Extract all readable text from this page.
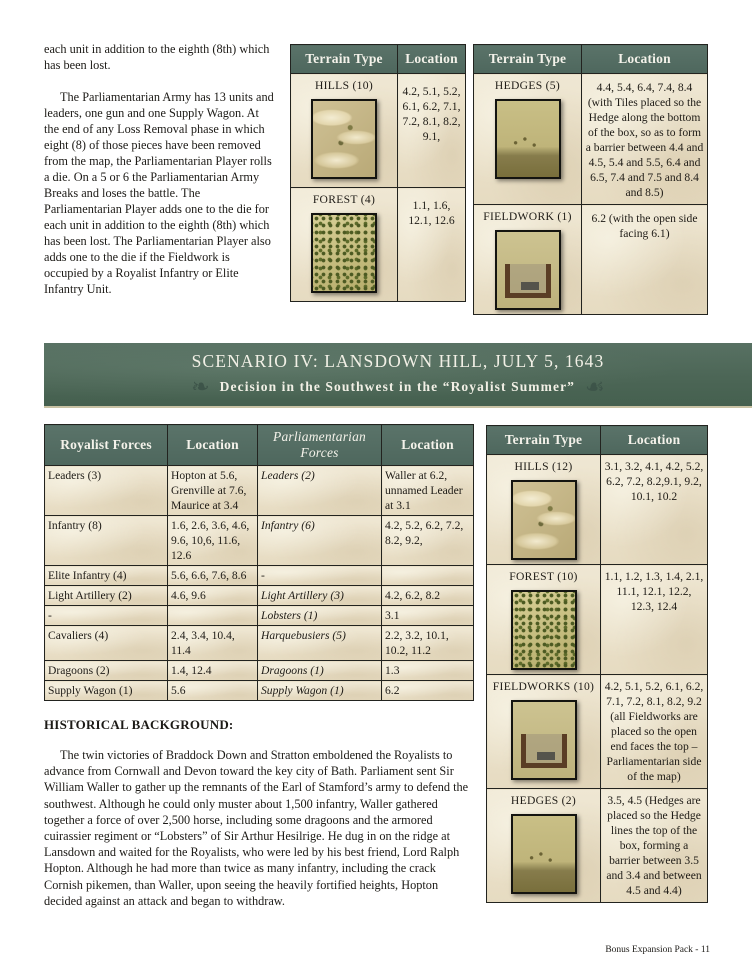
each unit in addition to the eighth (8th) which has been lost.

The Parliamentarian Army has 13 units and leaders, one gun and one Supply Wagon. At the end of any Loss Removal phase in which eight (8) of those pieces have been removed from the map, the Parliamentarian Player rolls a die. On a 5 or 6 the Parliamentarian Army Breaks and loses the battle. The Parliamentarian Player adds one to the die for each unit in addition to the eighth (8th) which has been lost. The Parliamentarian Player also adds one to the die if the Fieldwork is occupied by a Royalist Infantry or Elite Infantry Unit.

Terrain Type	Location

HILLS (10)	4.2, 5.1, 5.2, 6.1, 6.2, 7.1, 7.2, 8.1, 8.2, 9.1,

FOREST (4)	1.1, 1.6, 12.1, 12.6
Terrain Type	Location

HEDGES (5)	4.4, 5.4, 6.4, 7.4, 8.4 (with Tiles placed so the Hedge along the bottom of the box, so as to form a barrier between 4.4 and 4.5, 5.4 and 5.5, 6.4 and 6.5, 7.4 and 7.5 and 8.4 and 8.5)

FIELDWORK (1)	6.2 (with the open side facing 6.1)
SCENARIO IV: LANSDOWN HILL, JULY 5, 1643
❧ Decision in the Southwest in the “Royalist Summer” ☙
Royalist Forces	Location	Parliamentarian Forces	Location
Leaders (3)	Hopton at 5.6, Grenville at 7.6, Maurice at 3.4	Leaders (2)	Waller at 6.2, unnamed Leader at 3.1
Infantry (8)	1.6, 2.6, 3.6, 4.6, 9.6, 10,6, 11.6, 12.6	Infantry (6)	4.2, 5.2, 6.2, 7.2, 8.2, 9.2,
Elite Infantry (4)	5.6, 6.6, 7.6, 8.6	-	
Light Artillery (2)	4.6, 9.6	Light Artillery (3)	4.2, 6.2, 8.2
-		Lobsters (1)	3.1
Cavaliers (4)	2.4, 3.4, 10.4, 11.4	Harquebusiers (5)	2.2, 3.2, 10.1, 10.2, 11.2
Dragoons (2)	1.4, 12.4	Dragoons (1)	1.3
Supply Wagon (1)	5.6	Supply Wagon (1)	6.2
HISTORICAL BACKGROUND:

The twin victories of Braddock Down and Stratton emboldened the Royalists to advance from Cornwall and Devon toward the key city of Bath. Parliament sent Sir William Waller to gather up the remnants of the Earl of Stamford’s army to defend the southwest. Although he could only muster about 1,500 infantry, Waller gathered together a force of over 2,500 horse, including some dragoons and the armored cuirassier regiment or “Lobsters” of Sir Arthur Hesilrige. He dug in on the ridge at Lansdown and waited for the Royalists, who were led by his best friend, Lord Ralph Hopton. Although he had more than twice as many infantry, including the crack Cornish pikemen, than Waller, upon seeing the heavily fortified heights, Hopton decided against an attack and began to withdraw.

Terrain Type	Location

HILLS (12)	3.1, 3.2, 4.1, 4.2, 5.2, 6.2, 7.2, 8.2,9.1, 9.2, 10.1, 10.2

FOREST (10)	1.1, 1.2, 1.3, 1.4, 2.1, 11.1, 12.1, 12.2, 12.3, 12.4

FIELDWORKS (10)	4.2, 5.1, 5.2, 6.1, 6.2, 7.1, 7.2, 8.1, 8.2, 9.2 (all Fieldworks are placed so the open end faces the top – Parliamentarian side of the map)

HEDGES (2)	3.5, 4.5 (Hedges are placed so the Hedge lines the top of the box, forming a barrier between 3.5 and 3.4 and between 4.5 and 4.4)
Bonus Expansion Pack - 11
